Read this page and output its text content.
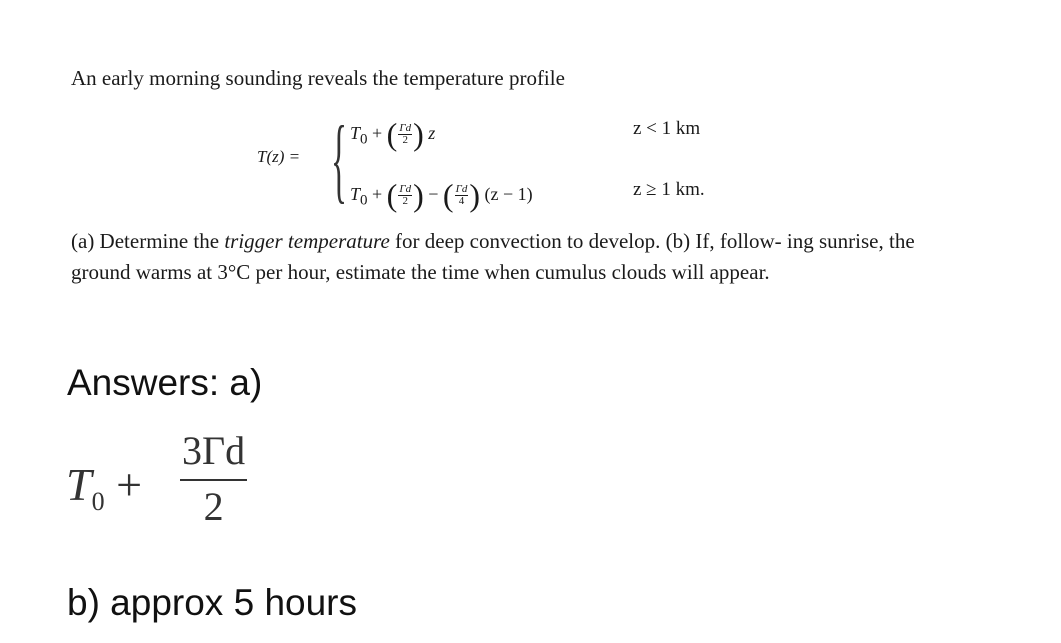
An early morning sounding reveals the temperature profile
T(z) = { $T_0$ + ( $\frac{\Gamma d}{2}$ ) z
$T_0$ + ( $\frac{\Gamma d}{2}$ ) − ( $\frac{\Gamma d}{4}$ ) (z − 1)
z < 1 km
z ≥ 1 km.
(a) Determine the trigger temperature for deep convection to develop. (b) If, follow- ing sunrise, the ground warms at 3°C per hour, estimate the time when cumulus clouds will appear.
Answers: a)
$T_0 + \frac{3\Gamma d}{2}$
b) approx 5 hours
